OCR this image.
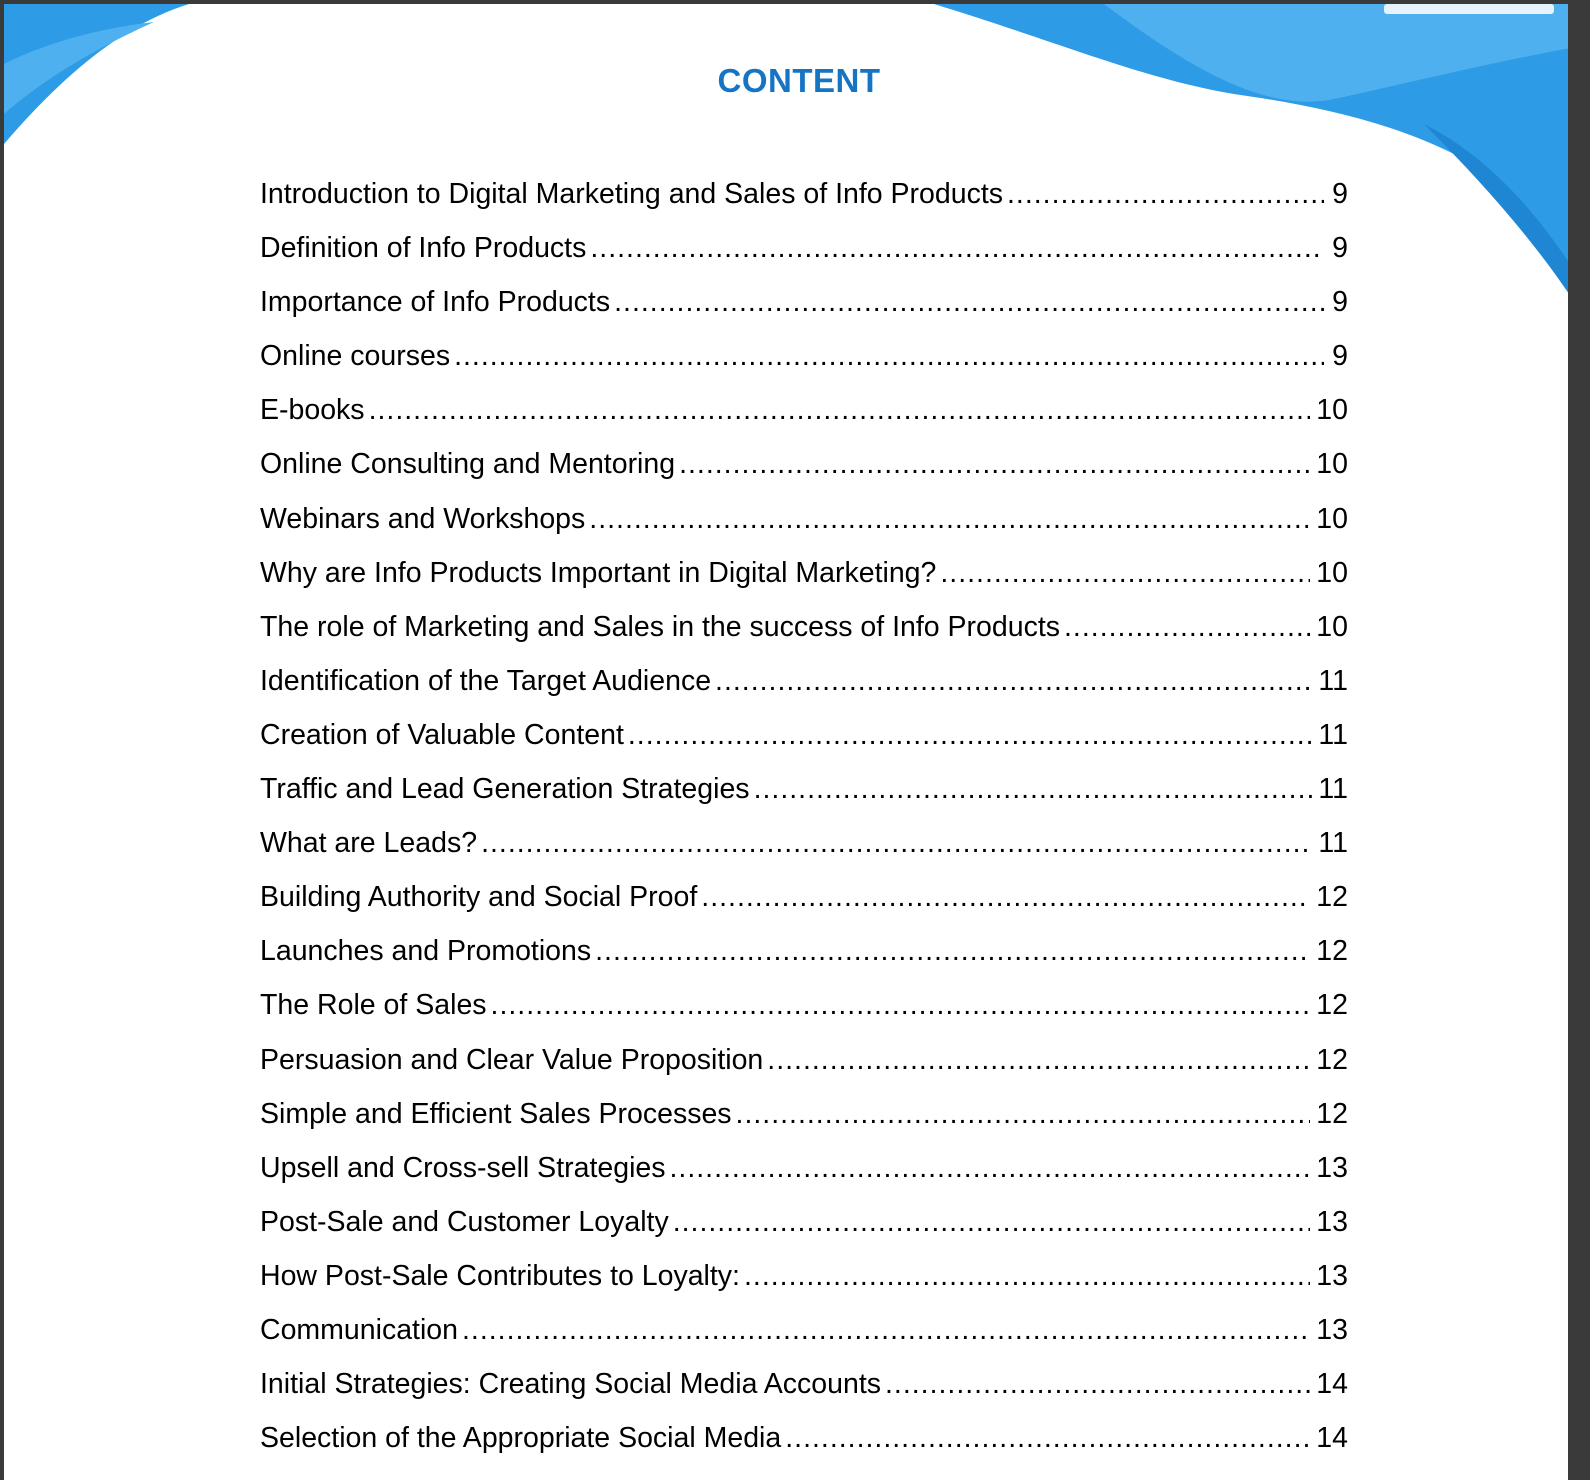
CONTENT
Introduction to Digital Marketing and Sales of Info Products .....	9
Definition of Info Products .....	9
Importance of Info Products .....	9
Online courses .....	9
E-books .....	10
Online Consulting and Mentoring .....	10
Webinars and Workshops .....	10
Why are Info Products Important in Digital Marketing? .....	10
The role of Marketing and Sales in the success of Info Products .....	10
Identification of the Target Audience .....	11
Creation of Valuable Content .....	11
Traffic and Lead Generation Strategies .....	11
What are Leads? .....	11
Building Authority and Social Proof .....	12
Launches and Promotions .....	12
The Role of Sales .....	12
Persuasion and Clear Value Proposition .....	12
Simple and Efficient Sales Processes .....	12
Upsell and Cross-sell Strategies .....	13
Post-Sale and Customer Loyalty .....	13
How Post-Sale Contributes to Loyalty: .....	13
Communication .....	13
Initial Strategies: Creating Social Media Accounts .....	14
Selection of the Appropriate Social Media .....	14
